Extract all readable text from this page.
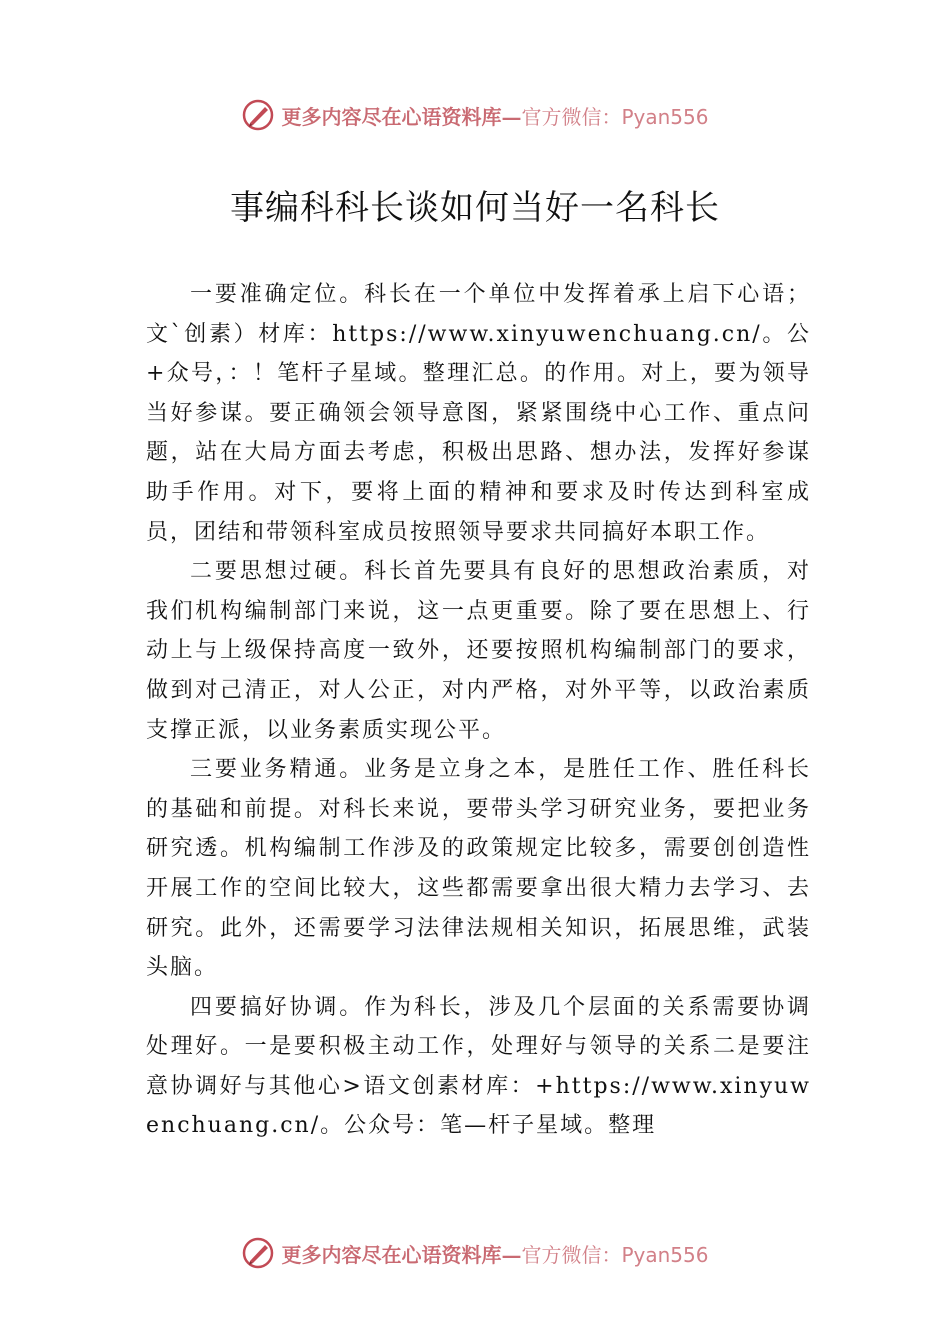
更多内容尽在心语资料库—官方微信：Pyan556
事编科科长谈如何当好一名科长

一要准确定位。科长在一个单位中发挥着承上启下心语；文`创素）材库：https://www.xinyuwenchuang.cn/。公+众号，：！笔杆子星域。整理汇总。的作用。对上，要为领导当好参谋。要正确领会领导意图，紧紧围绕中心工作、重点问题，站在大局方面去考虑，积极出思路、想办法，发挥好参谋助手作用。对下，要将上面的精神和要求及时传达到科室成员，团结和带领科室成员按照领导要求共同搞好本职工作。

二要思想过硬。科长首先要具有良好的思想政治素质，对我们机构编制部门来说，这一点更重要。除了要在思想上、行动上与上级保持高度一致外，还要按照机构编制部门的要求，做到对己清正，对人公正，对内严格，对外平等，以政治素质支撑正派，以业务素质实现公平。

三要业务精通。业务是立身之本，是胜任工作、胜任科长的基础和前提。对科长来说，要带头学习研究业务，要把业务研究透。机构编制工作涉及的政策规定比较多，需要创创造性开展工作的空间比较大，这些都需要拿出很大精力去学习、去研究。此外，还需要学习法律法规相关知识，拓展思维，武装头脑。

四要搞好协调。作为科长，涉及几个层面的关系需要协调处理好。一是要积极主动工作，处理好与领导的关系二是要注意协调好与其他心>语文创素材库：+https://www.xinyuwenchuang.cn/。公众号：笔—杆子星域。整理

更多内容尽在心语资料库—官方微信：Pyan556
